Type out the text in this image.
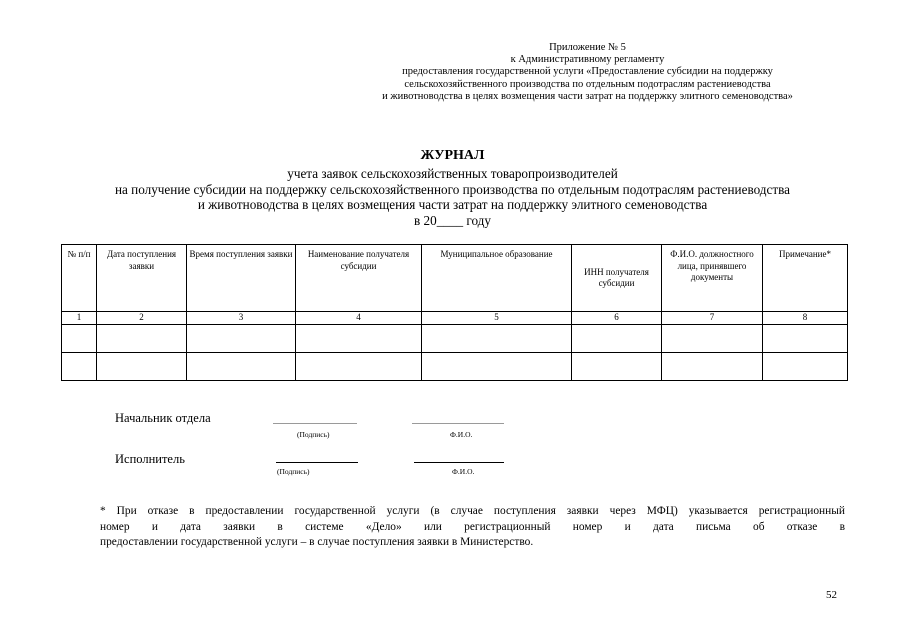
Приложение № 5
к Административному регламенту
предоставления государственной услуги «Предоставление субсидии на поддержку
сельскохозяйственного производства по отдельным подотраслям растениеводства
и животноводства в целях возмещения части затрат на поддержку элитного семеноводства»
ЖУРНАЛ
учета заявок сельскохозяйственных товаропроизводителей
на получение субсидии на поддержку сельскохозяйственного производства по отдельным подотраслям растениеводства
и животноводства в целях возмещения части затрат на поддержку элитного семеноводства
в 20____ году
№ п/п	Дата поступления заявки	Время поступления заявки	Наименование получателя субсидии	Муниципальное образование	ИНН получателя субсидии	Ф.И.О. должностного лица, принявшего документы	Примечание*
1	2	3	4	5	6	7	8

Начальник отдела
(Подпись)	Ф.И.О.
Исполнитель
(Подпись)	Ф.И.О.
* При отказе в предоставлении государственной услуги (в случае поступления заявки через МФЦ) указывается регистрационный
номер и дата заявки в системе «Дело» или регистрационный номер и дата письма об отказе в
предоставлении государственной услуги – в случае поступления заявки в Министерство.
52
